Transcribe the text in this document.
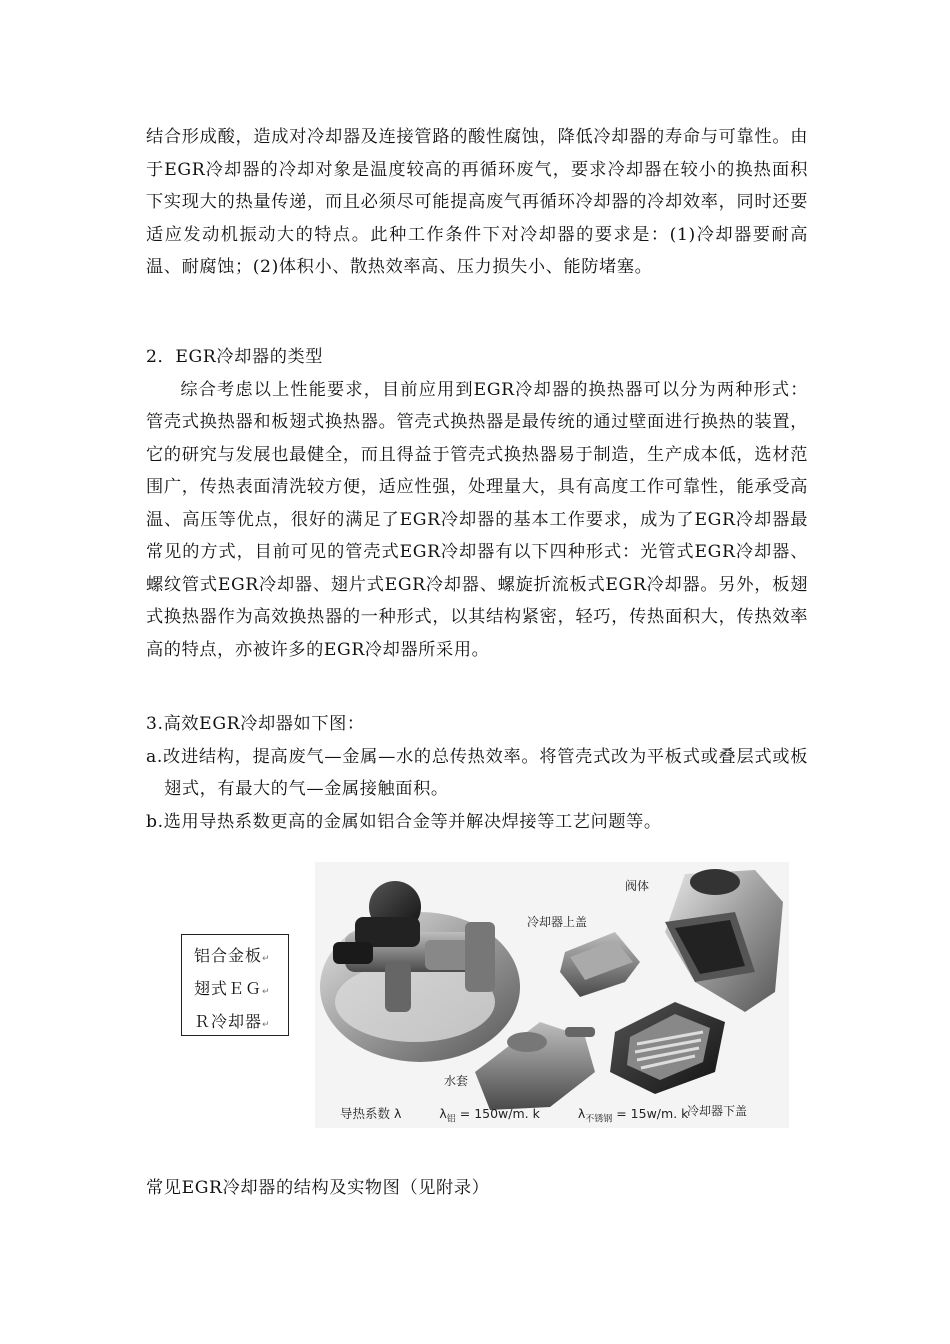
结合形成酸，造成对冷却器及连接管路的酸性腐蚀，降低冷却器的寿命与可靠性。由于EGR冷却器的冷却对象是温度较高的再循环废气，要求冷却器在较小的换热面积下实现大的热量传递，而且必须尽可能提高废气再循环冷却器的冷却效率，同时还要适应发动机振动大的特点。此种工作条件下对冷却器的要求是：(1)冷却器要耐高温、耐腐蚀；(2)体积小、散热效率高、压力损失小、能防堵塞。

2．EGR冷却器的类型

综合考虑以上性能要求，目前应用到EGR冷却器的换热器可以分为两种形式：管壳式换热器和板翅式换热器。管壳式换热器是最传统的通过壁面进行换热的装置，它的研究与发展也最健全，而且得益于管壳式换热器易于制造，生产成本低，选材范围广，传热表面清洗较方便，适应性强，处理量大，具有高度工作可靠性，能承受高温、高压等优点，很好的满足了EGR冷却器的基本工作要求，成为了EGR冷却器最常见的方式，目前可见的管壳式EGR冷却器有以下四种形式：光管式EGR冷却器、螺纹管式EGR冷却器、翅片式EGR冷却器、螺旋折流板式EGR冷却器。另外，板翅式换热器作为高效换热器的一种形式，以其结构紧密，轻巧，传热面积大，传热效率高的特点，亦被许多的EGR冷却器所采用。

3.高效EGR冷却器如下图：

a.改进结构，提高废气—金属—水的总传热效率。将管壳式改为平板式或叠层式或板翅式，有最大的气—金属接触面积。

b.选用导热系数更高的金属如铝合金等并解决焊接等工艺问题等。

铝合金板↵
翅式ＥＧ↵
Ｒ冷却器↵
阀体
冷却器上盖
水套
冷却器下盖
导热系数 λ	$\lambda_铝 = 150w/m$. k	$\lambda_{不锈钢} = 15w/m$. k

常见EGR冷却器的结构及实物图（见附录）
